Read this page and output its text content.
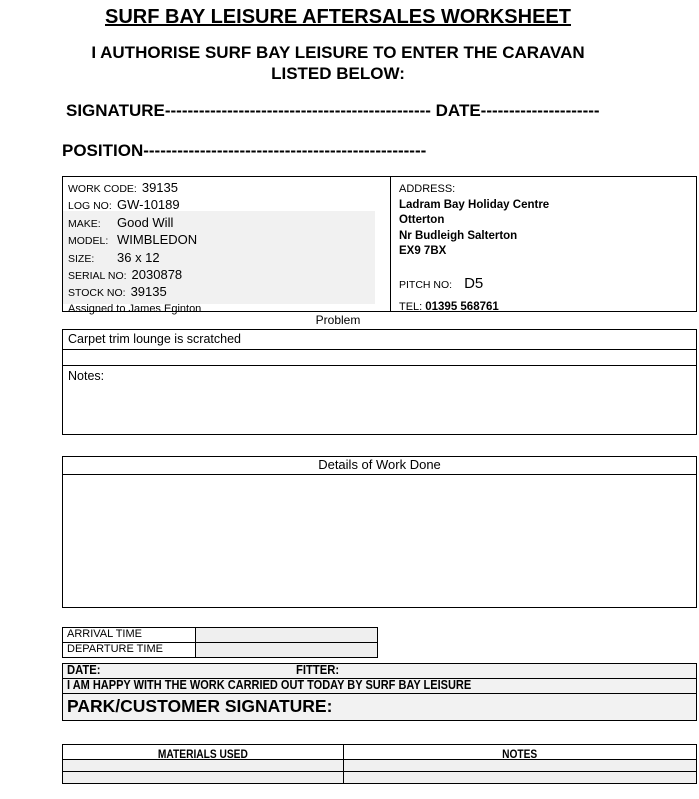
SURF BAY LEISURE AFTERSALES WORKSHEET
I AUTHORISE SURF BAY LEISURE TO ENTER THE CARAVAN
LISTED BELOW:
SIGNATURE----------------------------------------------- DATE---------------------
POSITION--------------------------------------------------
WORK CODE: 39135
LOG NO: GW-10189
MAKE: Good Will
MODEL: WIMBLEDON
SIZE: 36 x 12
SERIAL NO: 2030878
STOCK NO: 39135
Assigned to James Eginton
ADDRESS:
Ladram Bay Holiday Centre
Otterton
Nr Budleigh Salterton
EX9 7BX
PITCH NO: D5
TEL: 01395 568761
Problem
Carpet trim lounge is scratched
Notes:
Details of Work Done
ARRIVAL TIME
DEPARTURE TIME
DATE:	FITTER:
I AM HAPPY WITH THE WORK CARRIED OUT TODAY BY SURF BAY LEISURE
PARK/CUSTOMER SIGNATURE:
MATERIALS USED	NOTES
